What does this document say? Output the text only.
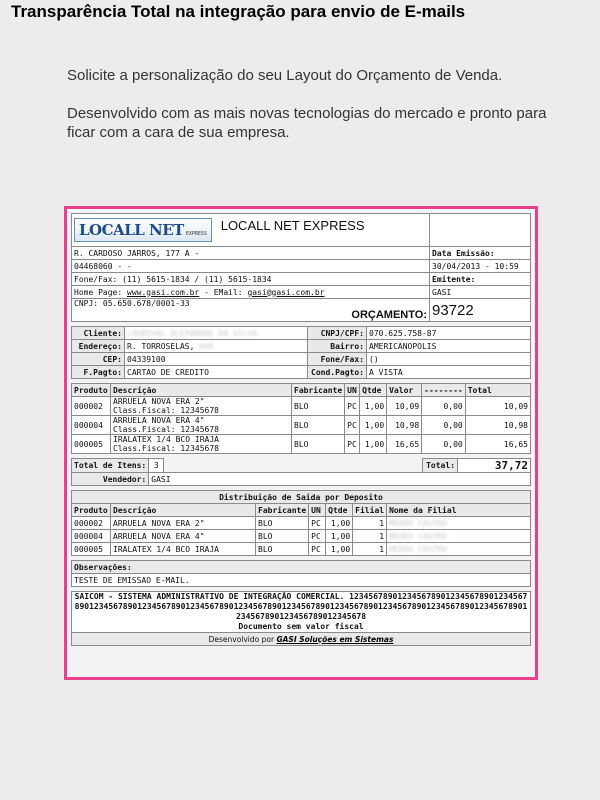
Transparência Total na integração para envio de E-mails

Solicite a personalização do seu Layout do Orçamento de Venda.

Desenvolvido com as mais novas tecnologias do mercado e pronto para ficar com a cara de sua empresa.

LOCALL NET EXPRESS
LOCALL NET EXPRESS	
R. CARDOSO JARROS, 177 A -	Data Emissão:
04468060 - -	30/04/2013 - 10:59
Fone/Fax: (11) 5615-1834 / (11) 5615-1834	Emitente:
Home Page: www.gasi.com.br - EMail: gasi@gasi.com.br	GASI
CNPJ: 05.650.678/0001-33
ORÇAMENTO:	93722
Cliente:	LOURIVAL ALEXANDRE DA SILVA	CNPJ/CPF:	070.625.758-87
Endereço:	R. TORROSELAS, 000	Bairro:	AMERICANOPOLIS
CEP:	04339100	Fone/Fax:	()
F.Pagto:	CARTAO DE CREDITO	Cond.Pagto:	A VISTA
Produto	Descrição	Fabricante	UN	Qtde	Valor	--------	Total
000002	ARRUELA NOVA ERA 2"
Class.Fiscal: 12345678	BLO	PC	1,00	10,09	0,00	10,09
000004	ARRUELA NOVA ERA 4"
Class.Fiscal: 12345678	BLO	PC	1,00	10,98	0,00	10,98
000005	IRALATEX 1/4 BCO IRAJA
Class.Fiscal: 12345678	BLO	PC	1,00	16,65	0,00	16,65
Total de Itens:	3		Total:	37,72
Vendedor:	GASI			
Distribuição de Saida por Deposito						
Produto	Descrição	Fabricante	UN	Qtde	Filial	Nome da Filial
000002	ARRUELA NOVA ERA 2"	BLO	PC	1,00	1	MEDRO CASTRO
000004	ARRUELA NOVA ERA 4"	BLO	PC	1,00	1	MEDRO CASTRO
000005	IRALATEX 1/4 BCO IRAJA	BLO	PC	1,00	1	MEDRO CASTRO
Observações:
TESTE DE EMISSAO E-MAIL.
SAICOM - SISTEMA ADMINISTRATIVO DE INTEGRAÇÃO COMERCIAL. 12345678901234567890123456789012345678901234567890123456789012345678901234567890123456789012345678901234567890123456789012345678901234567890123456789012345678
Documento sem valor fiscal

Desenvolvido por GASI Soluções em Sistemas
